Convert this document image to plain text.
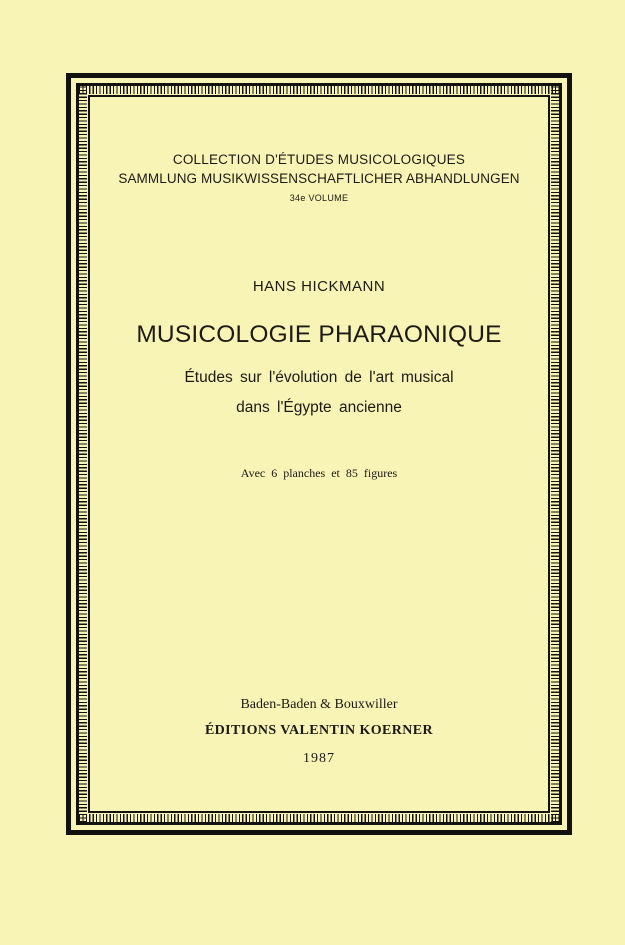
COLLECTION D'ÉTUDES MUSICOLOGIQUES
SAMMLUNG MUSIKWISSENSCHAFTLICHER ABHANDLUNGEN
34e VOLUME
HANS HICKMANN
MUSICOLOGIE PHARAONIQUE
Études sur l'évolution de l'art musical
dans l'Égypte ancienne
Avec 6 planches et 85 figures
Baden-Baden & Bouxwiller
ÉDITIONS VALENTIN KOERNER
1987
